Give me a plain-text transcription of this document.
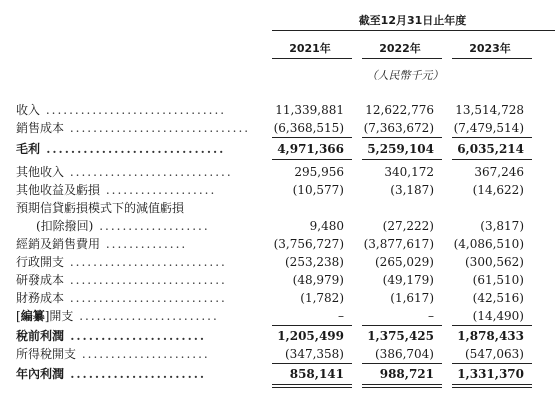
截至12月31日止年度
2021年	2022年	2023年
（人民幣千元）
收入 ...............................	11,339,881	12,622,776	13,514,728
銷售成本 ...............................	(6,368,515)	(7,363,672)	(7,479,514)
毛利 .............................	4,971,366	5,259,104	6,035,214
其他收入 ............................	295,956	340,172	367,246
其他收益及虧損 ...................	(10,577)	(3,187)	(14,622)
預期信貸虧損模式下的減值虧損
(扣除撥回) ...................	9,480	(27,222)	(3,817)
經銷及銷售費用 ..............	(3,756,727)	(3,877,617)	(4,086,510)
行政開支 ...........................	(253,238)	(265,029)	(300,562)
研發成本 ...........................	(48,979)	(49,179)	(61,510)
財務成本 ...........................	(1,782)	(1,617)	(42,516)
[編纂]開支 ........................	–	–	(14,490)
稅前利潤 ......................	1,205,499	1,375,425	1,878,433
所得稅開支 ......................	(347,358)	(386,704)	(547,063)
年內利潤 ......................	858,141	988,721	1,331,370
